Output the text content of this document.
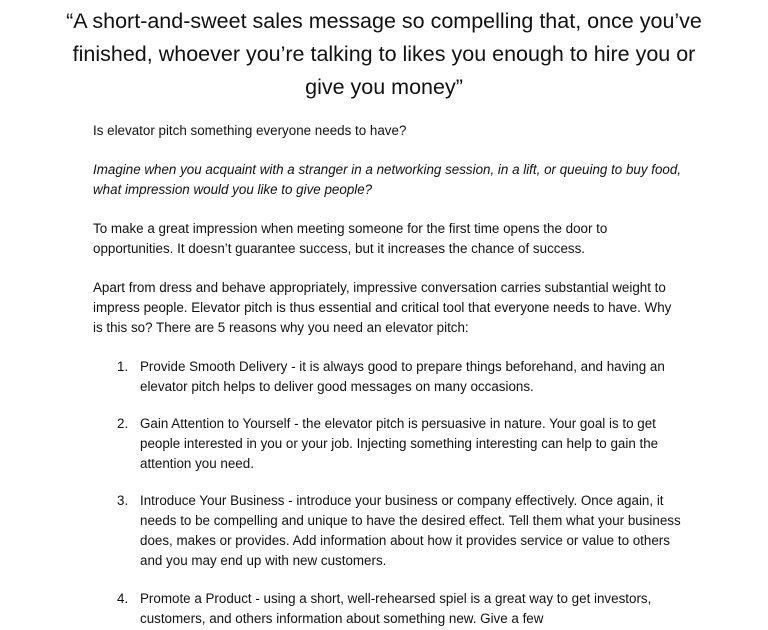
“A short-and-sweet sales message so compelling that, once you’ve finished, whoever you’re talking to likes you enough to hire you or give you money”
Is elevator pitch something everyone needs to have?
Imagine when you acquaint with a stranger in a networking session, in a lift, or queuing to buy food, what impression would you like to give people?
To make a great impression when meeting someone for the first time opens the door to opportunities. It doesn’t guarantee success, but it increases the chance of success.
Apart from dress and behave appropriately, impressive conversation carries substantial weight to impress people. Elevator pitch is thus essential and critical tool that everyone needs to have. Why is this so? There are 5 reasons why you need an elevator pitch:
1. Provide Smooth Delivery - it is always good to prepare things beforehand, and having an elevator pitch helps to deliver good messages on many occasions.
2. Gain Attention to Yourself - the elevator pitch is persuasive in nature. Your goal is to get people interested in you or your job. Injecting something interesting can help to gain the attention you need.
3. Introduce Your Business - introduce your business or company effectively. Once again, it needs to be compelling and unique to have the desired effect. Tell them what your business does, makes or provides. Add information about how it provides service or value to others and you may end up with new customers.
4. Promote a Product - using a short, well-rehearsed spiel is a great way to get investors, customers, and others information about something new. Give a few
